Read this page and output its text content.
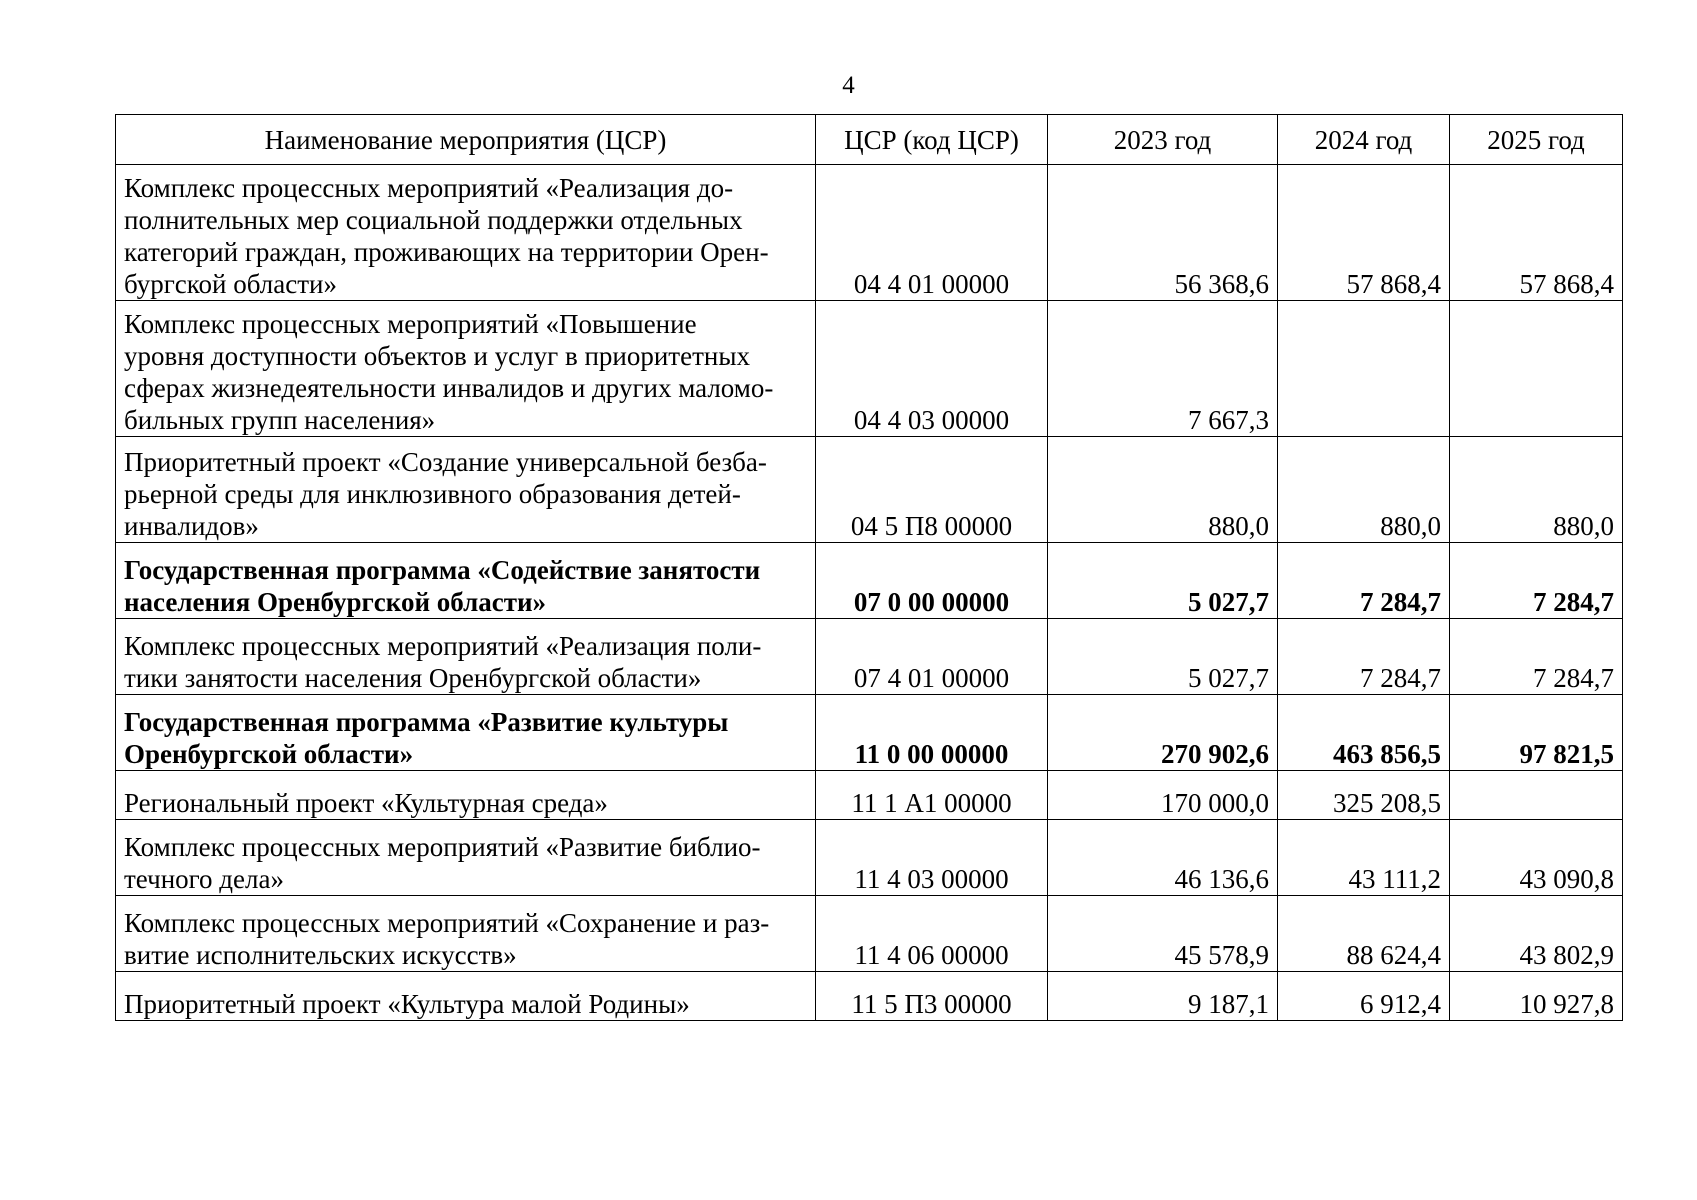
4
Наименование мероприятия (ЦСР)	ЦСР (код ЦСР)	2023 год	2024 год	2025 год
Комплекс процессных мероприятий «Реализация до-
полнительных мер социальной поддержки отдельных
категорий граждан, проживающих на территории Орен-
бургской области»	04 4 01 00000	56 368,6	57 868,4	57 868,4
Комплекс процессных мероприятий «Повышение
уровня доступности объектов и услуг в приоритетных
сферах жизнедеятельности инвалидов и других маломо-
бильных групп населения»	04 4 03 00000	7 667,3		
Приоритетный проект «Создание универсальной безба-
рьерной среды для инклюзивного образования детей-
инвалидов»	04 5 П8 00000	880,0	880,0	880,0
Государственная программа «Содействие занятости
населения Оренбургской области»	07 0 00 00000	5 027,7	7 284,7	7 284,7
Комплекс процессных мероприятий «Реализация поли-
тики занятости населения Оренбургской области»	07 4 01 00000	5 027,7	7 284,7	7 284,7
Государственная программа «Развитие культуры
Оренбургской области»	11 0 00 00000	270 902,6	463 856,5	97 821,5
Региональный проект «Культурная среда»	11 1 А1 00000	170 000,0	325 208,5	
Комплекс процессных мероприятий «Развитие библио-
течного дела»	11 4 03 00000	46 136,6	43 111,2	43 090,8
Комплекс процессных мероприятий «Сохранение и раз-
витие исполнительских искусств»	11 4 06 00000	45 578,9	88 624,4	43 802,9
Приоритетный проект «Культура малой Родины»	11 5 П3 00000	9 187,1	6 912,4	10 927,8
